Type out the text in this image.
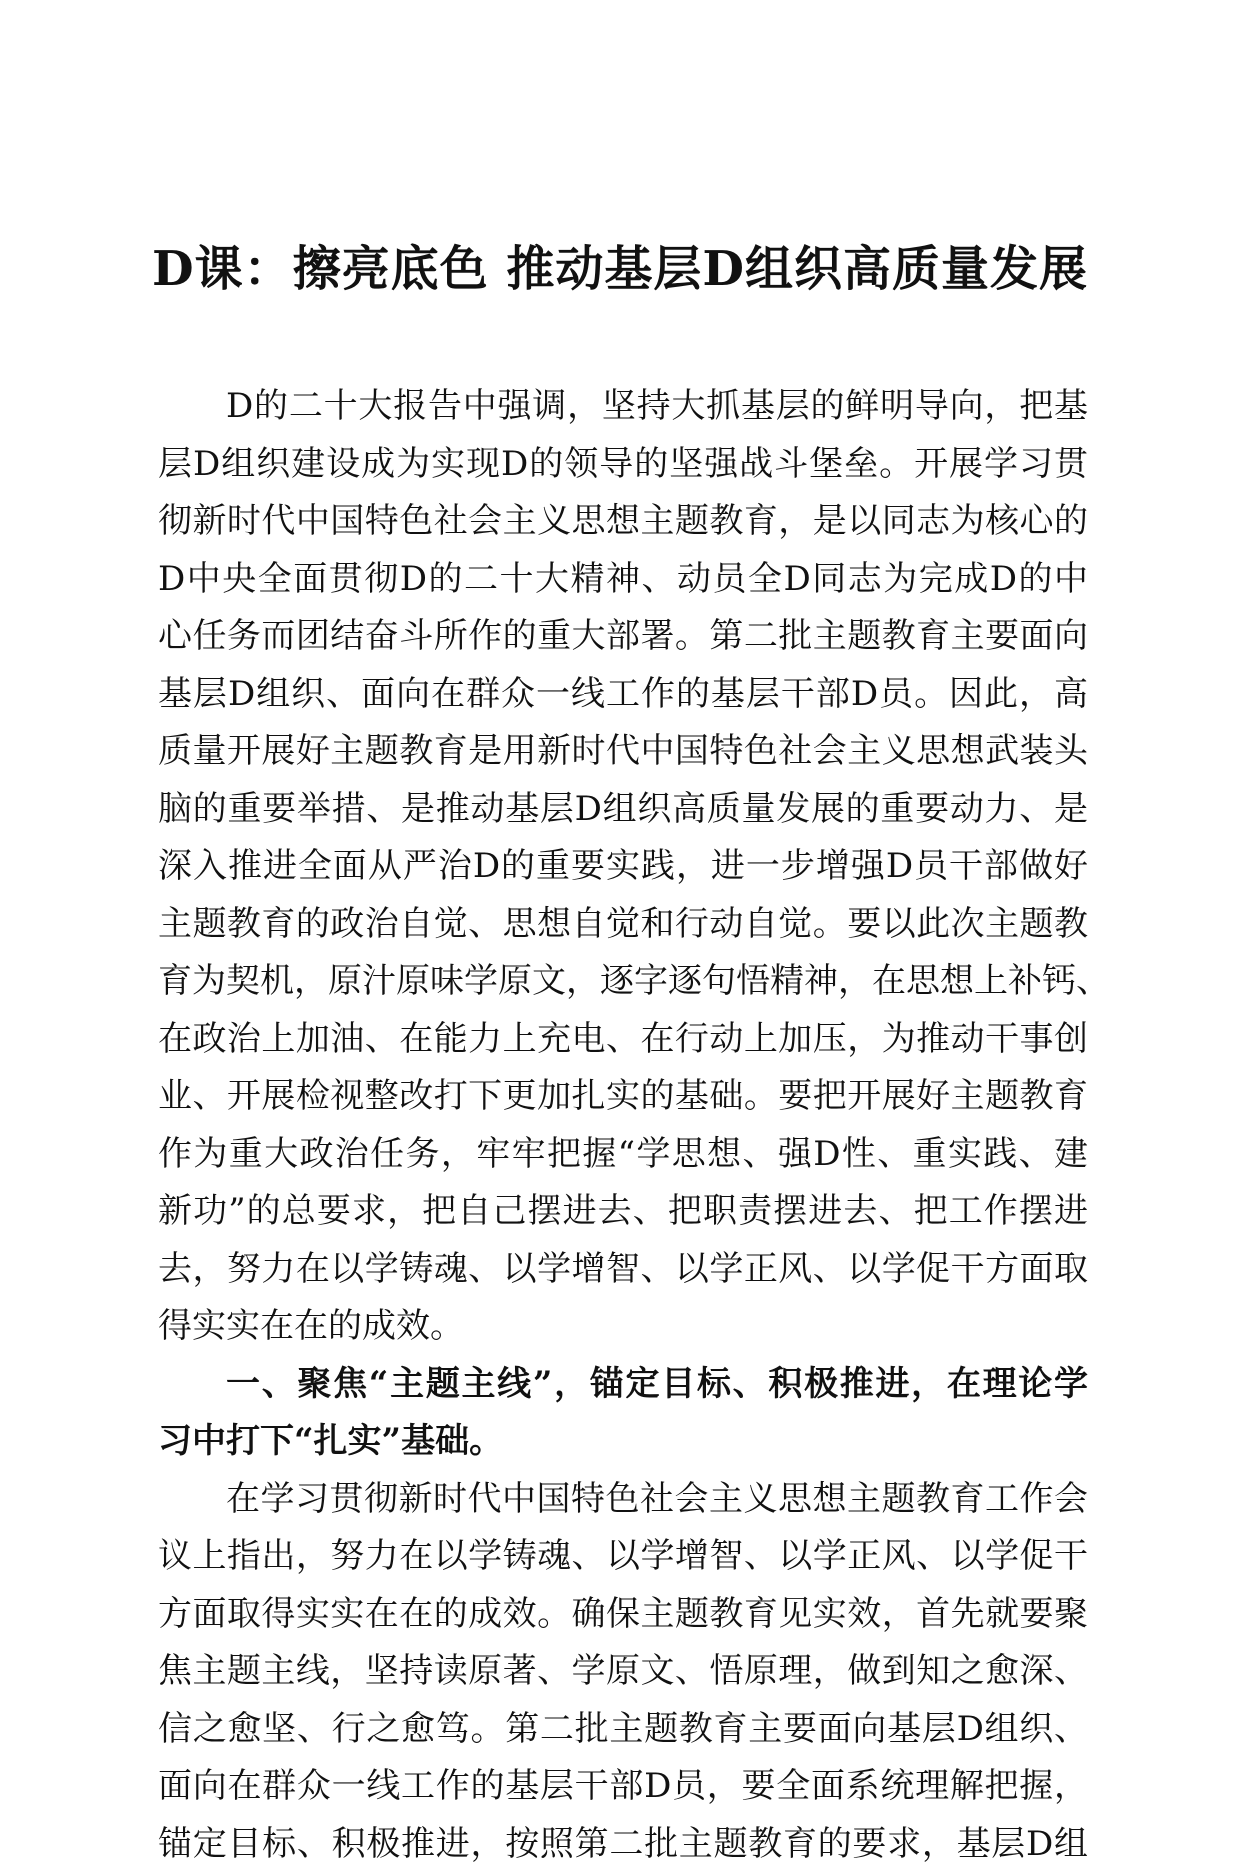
D课：擦亮底色 推动基层D组织高质量发展
D的二十大报告中强调，坚持大抓基层的鲜明导向，把基
层D组织建设成为实现D的领导的坚强战斗堡垒。开展学习贯
彻新时代中国特色社会主义思想主题教育，是以同志为核心的
D中央全面贯彻D的二十大精神、动员全D同志为完成D的中
心任务而团结奋斗所作的重大部署。第二批主题教育主要面向
基层D组织、面向在群众一线工作的基层干部D员。因此，高
质量开展好主题教育是用新时代中国特色社会主义思想武装头
脑的重要举措、是推动基层D组织高质量发展的重要动力、是
深入推进全面从严治D的重要实践，进一步增强D员干部做好
主题教育的政治自觉、思想自觉和行动自觉。要以此次主题教
育为契机，原汁原味学原文，逐字逐句悟精神，在思想上补钙、
在政治上加油、在能力上充电、在行动上加压，为推动干事创
业、开展检视整改打下更加扎实的基础。要把开展好主题教育
作为重大政治任务，牢牢把握“学思想、强D性、重实践、建
新功”的总要求，把自己摆进去、把职责摆进去、把工作摆进
去，努力在以学铸魂、以学增智、以学正风、以学促干方面取
得实实在在的成效。
一、聚焦“主题主线”，锚定目标、积极推进，在理论学
习中打下“扎实”基础。
在学习贯彻新时代中国特色社会主义思想主题教育工作会
议上指出，努力在以学铸魂、以学增智、以学正风、以学促干
方面取得实实在在的成效。确保主题教育见实效，首先就要聚
焦主题主线，坚持读原著、学原文、悟原理，做到知之愈深、
信之愈坚、行之愈笃。第二批主题教育主要面向基层D组织、
面向在群众一线工作的基层干部D员，要全面系统理解把握，
锚定目标、积极推进，按照第二批主题教育的要求，基层D组
